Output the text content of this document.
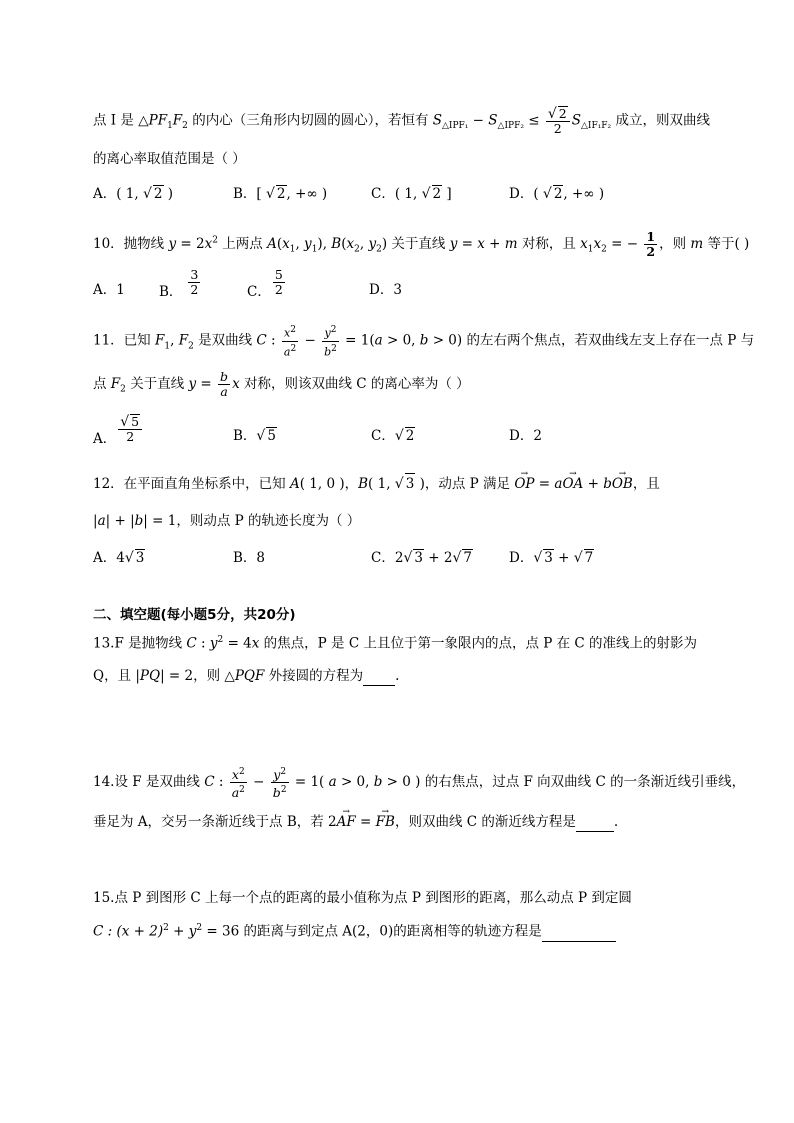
点 I 是 $\triangle PF_1F_2$ 的内心（三角形内切圆的圆心），若恒有 $S_{\triangle IPF_1} - S_{\triangle IPF_2} \le \frac{√ 2}{2} S_{\triangle IF_1F_2}$ 成立，则双曲线
的离心率取值范围是（ ）
A．( 1, √ 2 )	B．[ √ 2, +∞ )	C．( 1, √ 2 ]	D．( √ 2, +∞ )
10．抛物线 $y = 2x^2$ 上两点 $A(x_1$, $y_1$), $B(x_2$, $y_2$) 关于直线 y = x + m 对称，且 $x_1x_2$ = − $\frac{1}{2}$ ，则 m 等于( )
A．1	B． $\frac{3}{2}$	C． $\frac{5}{2}$	D．3
11．已知 $F_1$, $F_2$ 是双曲线 C : $\frac{x^2}{a^2} - \frac{y^2}{b^2} = 1(a > 0$, b > 0) 的左右两个焦点，若双曲线左支上存在一点 P 与
点 $F_2$ 关于直线 $y = \frac{b}{a}$ x 对称，则该双曲线 C 的离心率为（ ）
A． $\frac{√ 5}{2}$	B．√ 5	C．√ 2	D．2
12．在平面直角坐标系中，已知 A( 1, 0 )，B( 1, √ 3 )，动点 P 满足 → OP = a→ OA + b→ OB，且
|a| + |b| = 1，则动点 P 的轨迹长度为（ ）
A．4√ 3	B．8	C．2√ 3 + 2√ 7	D．√ 3 + √ 7
二、填空题(每小题5分，共20分)
13.F 是抛物线 C : $y^2 = 4x$ 的焦点，P 是 C 上且位于第一象限内的点，点 P 在 C 的准线上的射影为
Q，且 |PQ| = 2，则 △PQF 外接圆的方程为 .
14.设 F 是双曲线 C : $\frac{x^2}{a^2} - \frac{y^2}{b^2} = 1$( a > 0, b > 0 ) 的右焦点，过点 F 向双曲线 C 的一条渐近线引垂线，
垂足为 A，交另一条渐近线于点 B，若 2→ AF = → FB，则双曲线 C 的渐近线方程是	.
15.点 P 到图形 C 上每一个点的距离的最小值称为点 P 到图形的距离，那么动点 P 到定圆
C : $(x + 2)^2 + y^2 = 36$ 的距离与到定点 A(2，0)的距离相等的轨迹方程是
